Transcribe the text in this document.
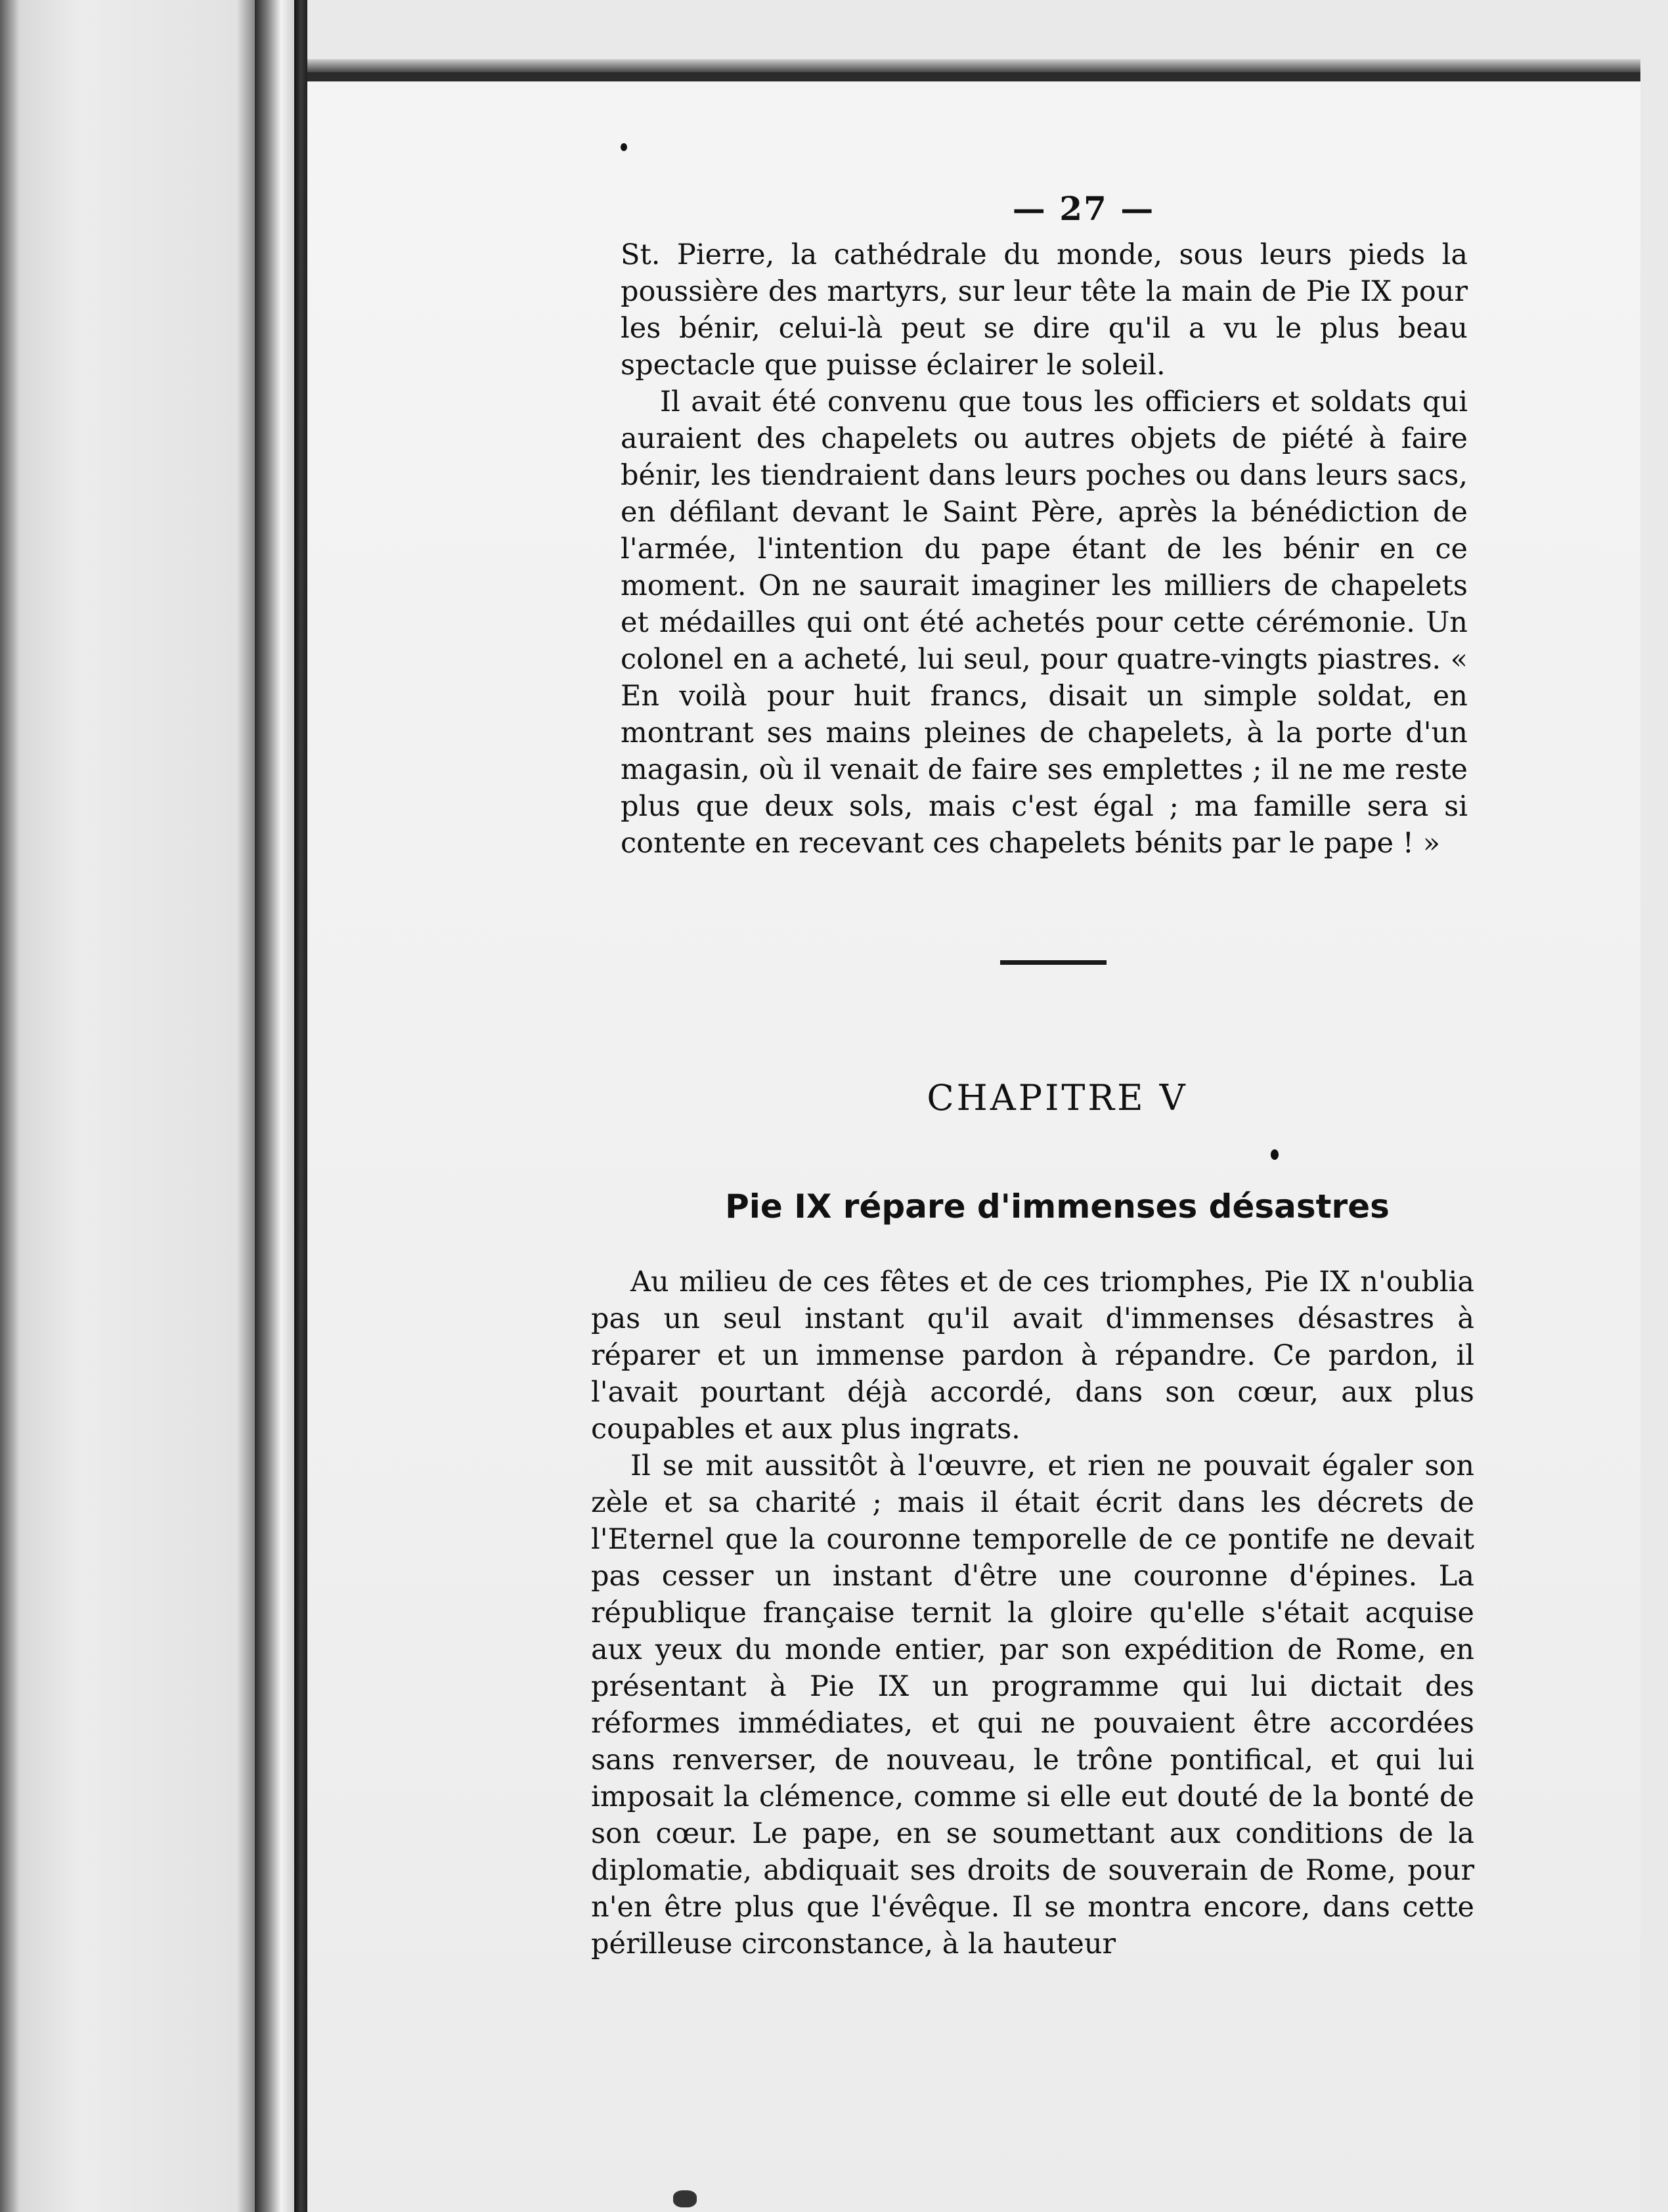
— 27 —

St. Pierre, la cathédrale du monde, sous leurs pieds la poussière des martyrs, sur leur tête la main de Pie IX pour les bénir, celui-là peut se dire qu'il a vu le plus beau spectacle que puisse éclairer le soleil.

Il avait été convenu que tous les officiers et soldats qui auraient des chapelets ou autres objets de piété à faire bénir, les tiendraient dans leurs poches ou dans leurs sacs, en défilant devant le Saint Père, après la bénédiction de l'armée, l'intention du pape étant de les bénir en ce moment. On ne saurait imaginer les milliers de chapelets et médailles qui ont été achetés pour cette cérémonie. Un colonel en a acheté, lui seul, pour quatre-vingts piastres. « En voilà pour huit francs, disait un simple soldat, en montrant ses mains pleines de chapelets, à la porte d'un magasin, où il venait de faire ses emplettes ; il ne me reste plus que deux sols, mais c'est égal ; ma famille sera si contente en recevant ces chapelets bénits par le pape ! »

CHAPITRE V
Pie IX répare d'immenses désastres

Au milieu de ces fêtes et de ces triomphes, Pie IX n'oublia pas un seul instant qu'il avait d'immenses désastres à réparer et un immense pardon à répandre. Ce pardon, il l'avait pourtant déjà accordé, dans son cœur, aux plus coupables et aux plus ingrats.

Il se mit aussitôt à l'œuvre, et rien ne pouvait égaler son zèle et sa charité ; mais il était écrit dans les décrets de l'Eternel que la couronne temporelle de ce pontife ne devait pas cesser un instant d'être une couronne d'épines. La république française ternit la gloire qu'elle s'était acquise aux yeux du monde entier, par son expédition de Rome, en présentant à Pie IX un programme qui lui dictait des réformes immédiates, et qui ne pouvaient être accordées sans renverser, de nouveau, le trône pontifical, et qui lui imposait la clémence, comme si elle eut douté de la bonté de son cœur. Le pape, en se soumettant aux conditions de la diplomatie, abdiquait ses droits de souverain de Rome, pour n'en être plus que l'évêque. Il se montra encore, dans cette périlleuse circonstance, à la hauteur
